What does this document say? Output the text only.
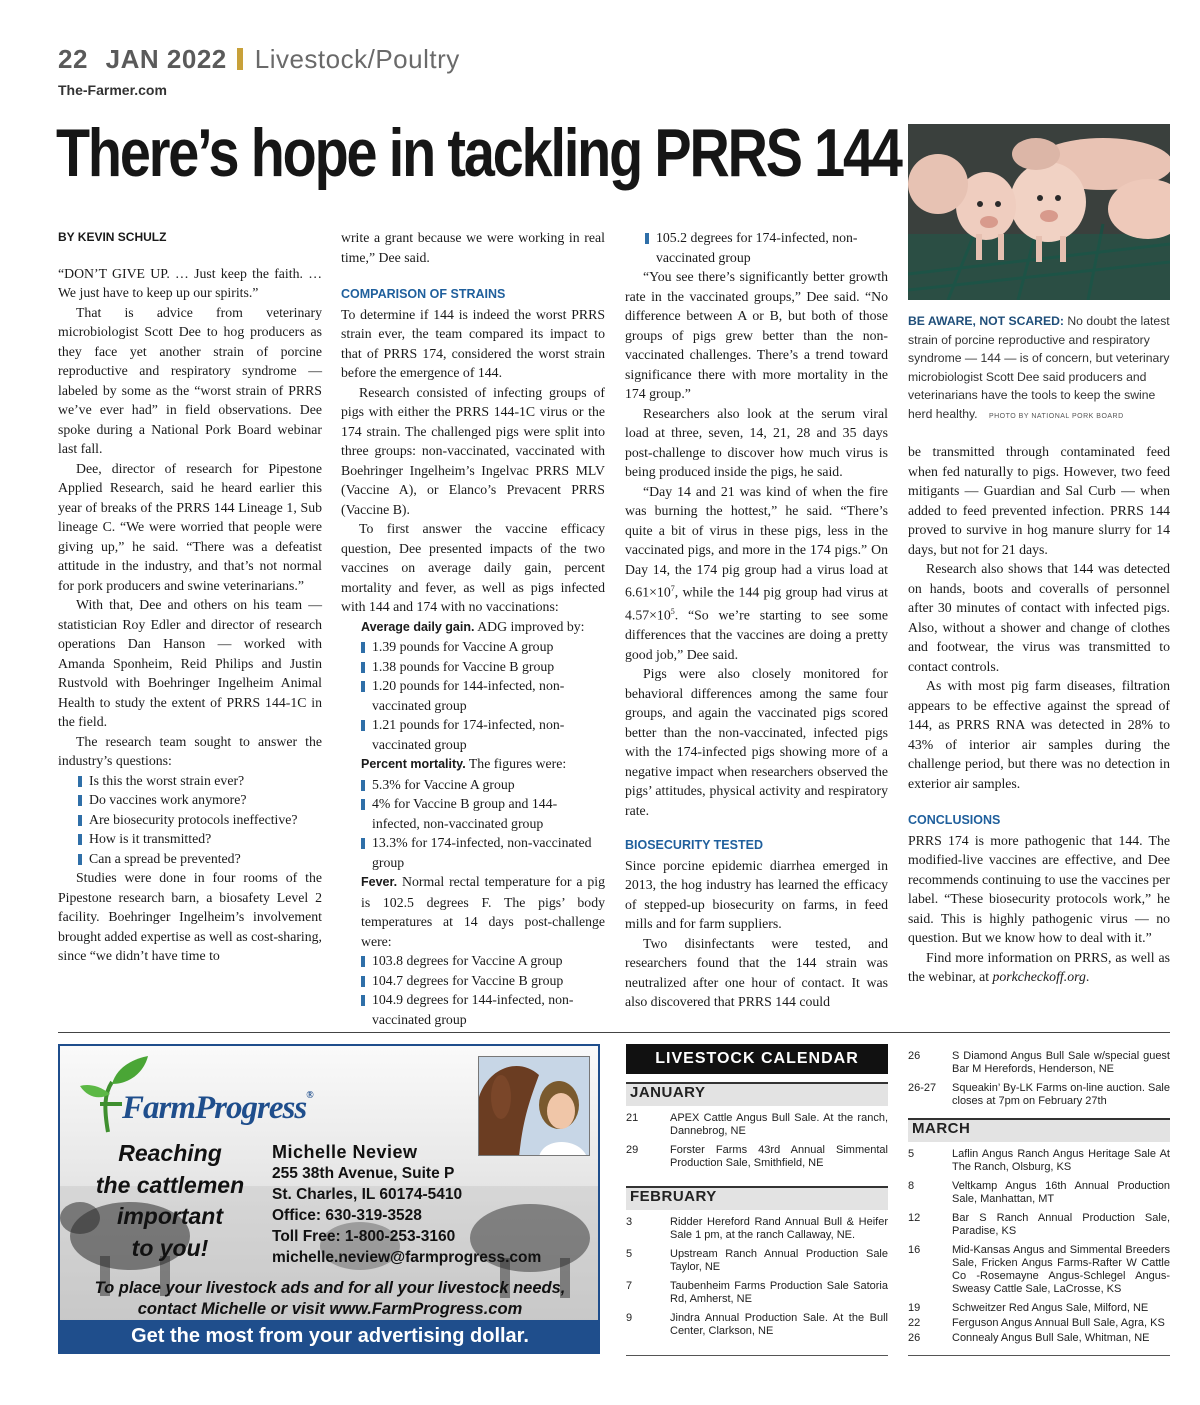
22 JAN 2022 Livestock/Poultry
The-Farmer.com
There’s hope in tackling PRRS 144
BE AWARE, NOT SCARED: No doubt the latest strain of porcine reproductive and respiratory syndrome — 144 — is of concern, but veterinary microbiologist Scott Dee said producers and veterinarians have the tools to keep the swine herd healthy. PHOTO BY NATIONAL PORK BOARD

BY KEVIN SCHULZ

“DON’T GIVE UP. … Just keep the faith. … We just have to keep up our spirits.”

That is advice from veterinary microbiologist Scott Dee to hog producers as they face yet another strain of porcine reproductive and respiratory syndrome — labeled by some as the “worst strain of PRRS we’ve ever had” in field observations. Dee spoke during a National Pork Board webinar last fall.

Dee, director of research for Pipestone Applied Research, said he heard earlier this year of breaks of the PRRS 144 Lineage 1, Sub lineage C. “We were worried that people were giving up,” he said. “There was a defeatist attitude in the industry, and that’s not normal for pork producers and swine veterinarians.”

With that, Dee and others on his team — statistician Roy Edler and director of research operations Dan Hanson — worked with Amanda Sponheim, Reid Philips and Justin Rustvold with Boehringer Ingelheim Animal Health to study the extent of PRRS 144-1C in the field.

The research team sought to answer the industry’s questions:

Is this the worst strain ever?
Do vaccines work anymore?
Are biosecurity protocols ineffective?
How is it transmitted?
Can a spread be prevented?

Studies were done in four rooms of the Pipestone research barn, a biosafety Level 2 facility. Boehringer Ingelheim’s involvement brought added expertise as well as cost-sharing, since “we didn’t have time to

write a grant because we were working in real time,” Dee said.

COMPARISON OF STRAINS

To determine if 144 is indeed the worst PRRS strain ever, the team compared its impact to that of PRRS 174, considered the worst strain before the emergence of 144.

Research consisted of infecting groups of pigs with either the PRRS 144-1C virus or the 174 strain. The challenged pigs were split into three groups: non-vaccinated, vaccinated with Boehringer Ingelheim’s Ingelvac PRRS MLV (Vaccine A), or Elanco’s Prevacent PRRS (Vaccine B).

To first answer the vaccine efficacy question, Dee presented impacts of the two vaccines on average daily gain, percent mortality and fever, as well as pigs infected with 144 and 174 with no vaccinations:

Average daily gain. ADG improved by:

1.39 pounds for Vaccine A group
1.38 pounds for Vaccine B group
1.20 pounds for 144-infected, non-vaccinated group
1.21 pounds for 174-infected, non-vaccinated group

Percent mortality. The figures were:

5.3% for Vaccine A group
4% for Vaccine B group and 144-infected, non-vaccinated group
13.3% for 174-infected, non-vaccinated group

Fever. Normal rectal temperature for a pig is 102.5 degrees F. The pigs’ body temperatures at 14 days post-challenge were:

103.8 degrees for Vaccine A group
104.7 degrees for Vaccine B group
104.9 degrees for 144-infected, non-vaccinated group
105.2 degrees for 174-infected, non-vaccinated group

“You see there’s significantly better growth rate in the vaccinated groups,” Dee said. “No difference between A or B, but both of those groups of pigs grew better than the non-vaccinated challenges. There’s a trend toward significance there with more mortality in the 174 group.”

Researchers also look at the serum viral load at three, seven, 14, 21, 28 and 35 days post-challenge to discover how much virus is being produced inside the pigs, he said.

“Day 14 and 21 was kind of when the fire was burning the hottest,” he said. “There’s quite a bit of virus in these pigs, less in the vaccinated pigs, and more in the 174 pigs.” On Day 14, the 174 pig group had a virus load at $6.61\times 10^7$, while the 144 pig group had virus at $4.57\times 10^5$. “So we’re starting to see some differences that the vaccines are doing a pretty good job,” Dee said.

Pigs were also closely monitored for behavioral differences among the same four groups, and again the vaccinated pigs scored better than the non-vaccinated, infected pigs with the 174-infected pigs showing more of a negative impact when researchers observed the pigs’ attitudes, physical activity and respiratory rate.

BIOSECURITY TESTED

Since porcine epidemic diarrhea emerged in 2013, the hog industry has learned the efficacy of stepped-up biosecurity on farms, in feed mills and for farm suppliers.

Two disinfectants were tested, and researchers found that the 144 strain was neutralized after one hour of contact. It was also discovered that PRRS 144 could

be transmitted through contaminated feed when fed naturally to pigs. However, two feed mitigants — Guardian and Sal Curb — when added to feed prevented infection. PRRS 144 proved to survive in hog manure slurry for 14 days, but not for 21 days.

Research also shows that 144 was detected on hands, boots and coveralls of personnel after 30 minutes of contact with infected pigs. Also, without a shower and change of clothes and footwear, the virus was transmitted to contact controls.

As with most pig farm diseases, filtration appears to be effective against the spread of 144, as PRRS RNA was detected in 28% to 43% of interior air samples during the challenge period, but there was no detection in exterior air samples.

CONCLUSIONS

PRRS 174 is more pathogenic that 144. The modified-live vaccines are effective, and Dee recommends continuing to use the vaccines per label. “These biosecurity protocols work,” he said. This is highly pathogenic virus — no question. But we know how to deal with it.”

Find more information on PRRS, as well as the webinar, at porkcheckoff.org.

FarmProgress®
Reaching
the cattlemen
important
to you!
Michelle Neview
255 38th Avenue, Suite P
St. Charles, IL 60174-5410
Office: 630-319-3528
Toll Free: 1-800-253-3160
michelle.neview@farmprogress.com
To place your livestock ads and for all your livestock needs,
contact Michelle or visit www.FarmProgress.com
Get the most from your advertising dollar.
LIVESTOCK CALENDAR
JANUARY
21	APEX Cattle Angus Bull Sale. At the ranch, Dannebrog, NE
29	Forster Farms 43rd Annual Simmental Production Sale, Smithfield, NE
FEBRUARY
3	Ridder Hereford Rand Annual Bull & Heifer Sale 1 pm, at the ranch Callaway, NE.
5	Upstream Ranch Annual Production Sale Taylor, NE
7	Taubenheim Farms Production Sale Satoria Rd, Amherst, NE
9	Jindra Annual Production Sale. At the Bull Center, Clarkson, NE
26	S Diamond Angus Bull Sale w/special guest Bar M Herefords, Henderson, NE
26-27	Squeakin’ By-LK Farms on-line auction. Sale closes at 7pm on February 27th
MARCH
5	Laflin Angus Ranch Angus Heritage Sale At The Ranch, Olsburg, KS
8	Veltkamp Angus 16th Annual Production Sale, Manhattan, MT
12	Bar S Ranch Annual Production Sale, Paradise, KS
16	Mid-Kansas Angus and Simmental Breeders Sale, Fricken Angus Farms-Rafter W Cattle Co -Rosemayne Angus-Schlegel Angus-Sweasy Cattle Sale, LaCrosse, KS
19	Schweitzer Red Angus Sale, Milford, NE
22	Ferguson Angus Annual Bull Sale, Agra, KS
26	Connealy Angus Bull Sale, Whitman, NE
